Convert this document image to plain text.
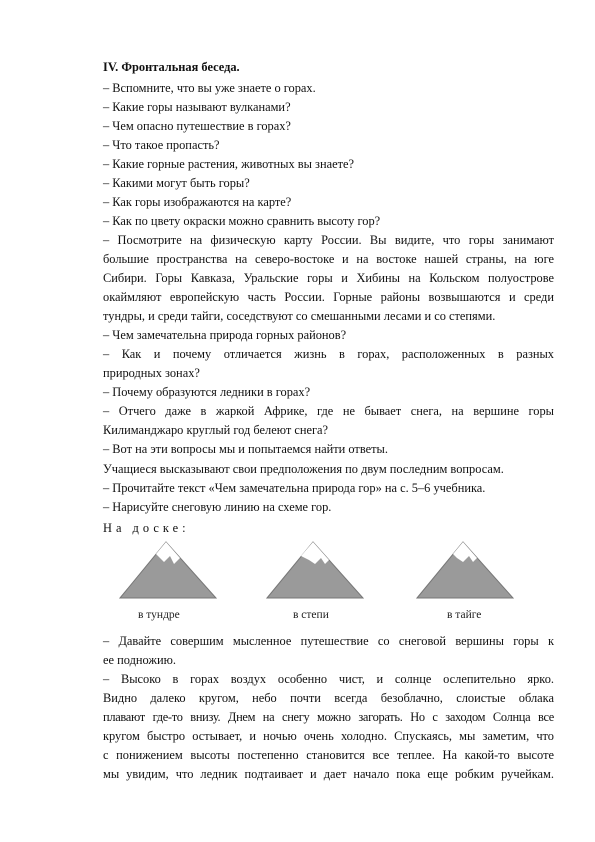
IV. Фронтальная беседа.
– Вспомните, что вы уже знаете о горах.
– Какие горы называют вулканами?
– Чем опасно путешествие в горах?
– Что такое пропасть?
– Какие горные растения, животных вы знаете?
– Какими могут быть горы?
– Как горы изображаются на карте?
– Как по цвету окраски можно сравнить высоту гор?
– Посмотрите на физическую карту России. Вы видите, что горы занимают
большие пространства на северо-востоке и на востоке нашей страны, на юге
Сибири. Горы Кавказа, Уральские горы и Хибины на Кольском полуострове
окаймляют европейскую часть России. Горные районы возвышаются и среди
тундры, и среди тайги, соседствуют со смешанными лесами и со степями.
– Чем замечательна природа горных районов?
– Как и почему отличается жизнь в горах, расположенных в разных
природных зонах?
– Почему образуются ледники в горах?
– Отчего даже в жаркой Африке, где не бывает снега, на вершине горы
Килиманджаро круглый год белеют снега?
– Вот на эти вопросы мы и попытаемся найти ответы.
Учащиеся высказывают свои предположения по двум последним вопросам.
– Прочитайте текст «Чем замечательна природа гор» на с. 5–6 учебника.
– Нарисуйте снеговую линию на схеме гор.
На доске:
в тундре	в степи	в тайге
– Давайте совершим мысленное путешествие со снеговой вершины горы к
ее подножию.
– Высоко в горах воздух особенно чист, и солнце ослепительно ярко.
Видно далеко кругом, небо почти всегда безоблачно, слоистые облака
плавают где-то внизу. Днем на снегу можно загорать. Но с заходом Солнца все
кругом быстро остывает, и ночью очень холодно. Спускаясь, мы заметим, что
с понижением высоты постепенно становится все теплее. На какой-то высоте
мы увидим, что ледник подтаивает и дает начало пока еще робким ручейкам.
